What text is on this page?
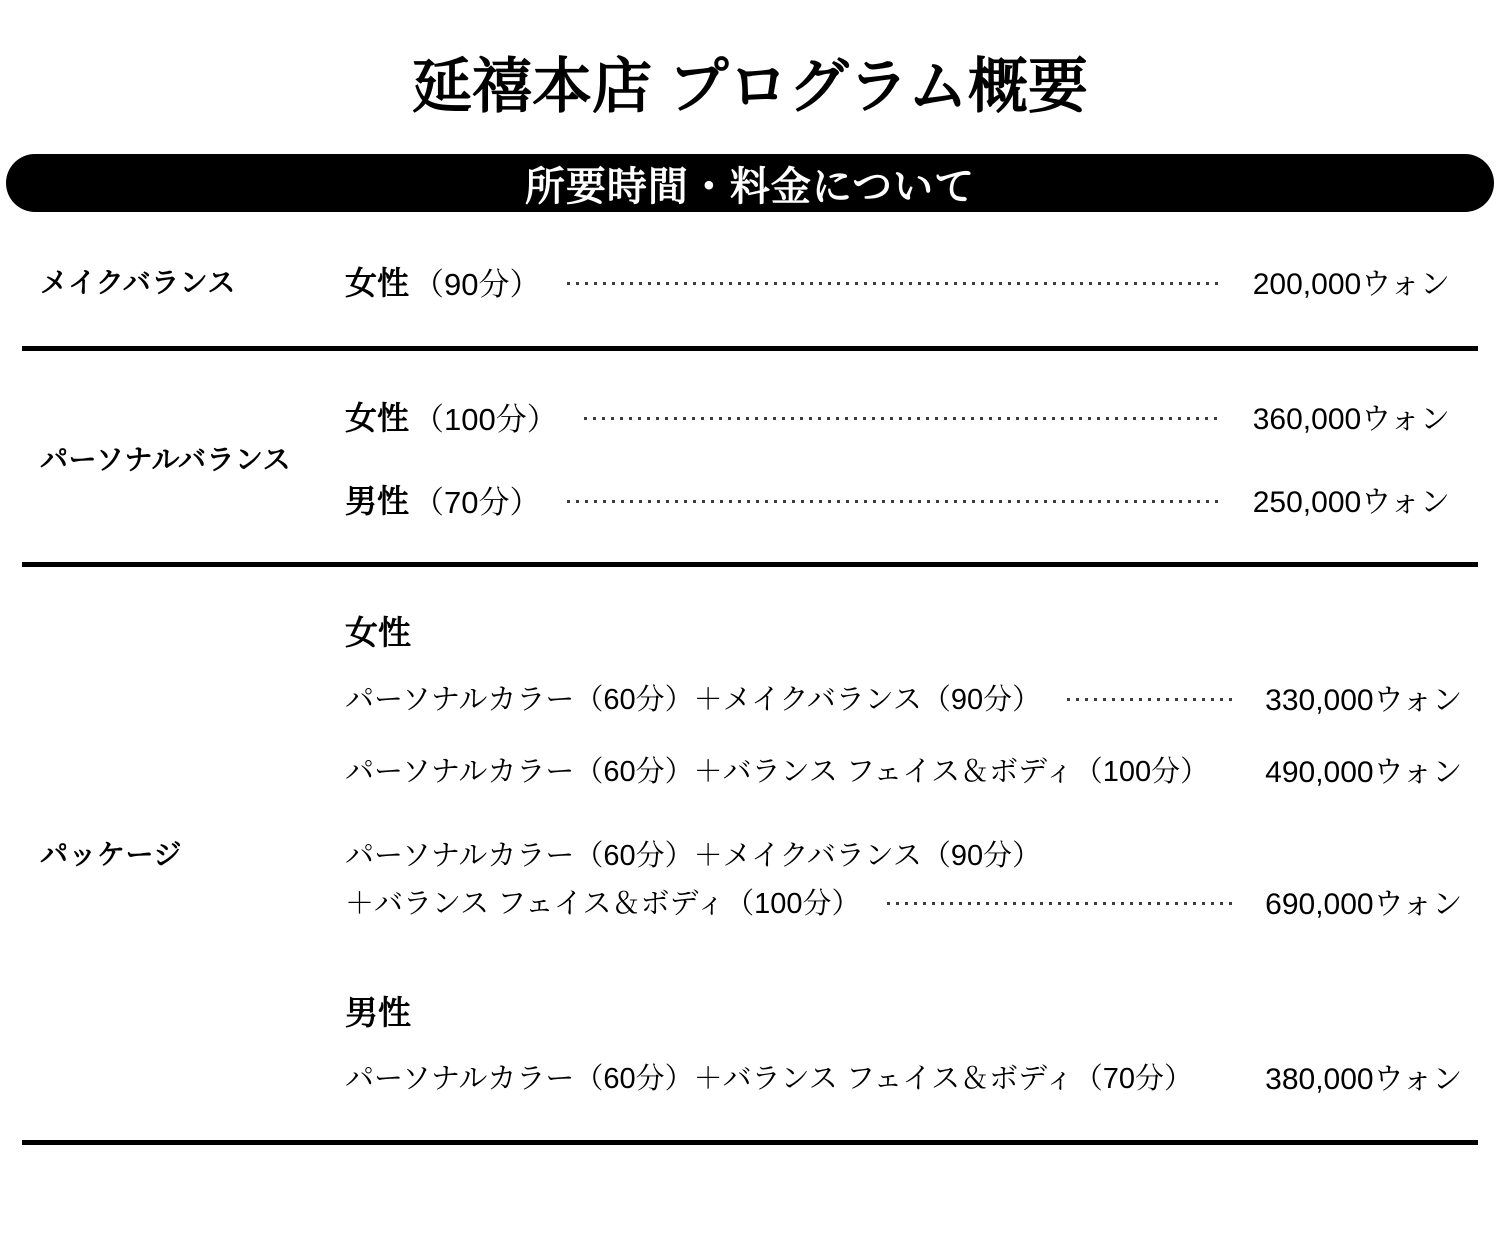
延禧本店 プログラム概要
所要時間・料金について
メイクバランス	女性 （90分）	200,000ウォン
パーソナルバランス
女性 （100分）	360,000ウォン
男性 （70分）	250,000ウォン
パッケージ
女性
パーソナルカラー（60分）＋メイクバランス（90分）	330,000ウォン
パーソナルカラー（60分）＋バランス フェイス＆ボディ（100分） 490,000ウォン
パーソナルカラー（60分）＋メイクバランス（90分）
＋バランス フェイス＆ボディ（100分）	690,000ウォン
男性
パーソナルカラー（60分）＋バランス フェイス＆ボディ（70分） 380,000ウォン
